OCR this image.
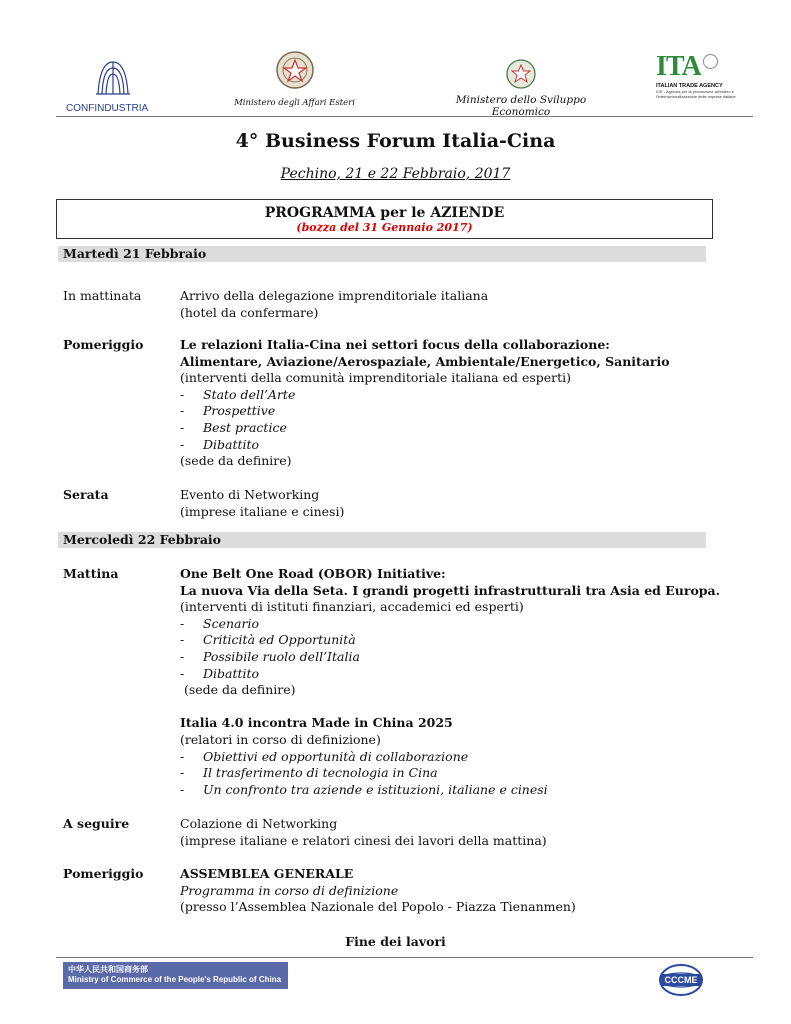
CONFINDUSTRIA	Ministero degli Affari Esteri	Ministero dello Sviluppo Economico
ITA
ITALIAN TRADE AGENCY
ICE - Agenzia per la promozione all'estero e l'internazionalizzazione delle imprese italiane
4° Business Forum Italia-Cina
Pechino, 21 e 22 Febbraio, 2017
PROGRAMMA per le AZIENDE
(bozza del 31 Gennaio 2017)
Martedì 21 Febbraio
In mattinata	Arrivo della delegazione imprenditoriale italiana
(hotel da confermare)
Pomeriggio	Le relazioni Italia-Cina nei settori focus della collaborazione:
Alimentare, Aviazione/Aerospaziale, Ambientale/Energetico, Sanitario
(interventi della comunità imprenditoriale italiana ed esperti)
- Stato dell’Arte
- Prospettive
- Best practice
- Dibattito
(sede da definire)
Serata	Evento di Networking
(imprese italiane e cinesi)
Mercoledì 22 Febbraio
Mattina	One Belt One Road (OBOR) Initiative:
La nuova Via della Seta. I grandi progetti infrastrutturali tra Asia ed Europa.
(interventi di istituti finanziari, accademici ed esperti)
- Scenario
- Criticità ed Opportunità
- Possibile ruolo dell’Italia
- Dibattito
(sede da definire)
Italia 4.0 incontra Made in China 2025
(relatori in corso di definizione)
- Obiettivi ed opportunità di collaborazione
- Il trasferimento di tecnologia in Cina
- Un confronto tra aziende e istituzioni, italiane e cinesi
A seguire	Colazione di Networking
(imprese italiane e relatori cinesi dei lavori della mattina)
Pomeriggio	ASSEMBLEA GENERALE
Programma in corso di definizione
(presso l’Assemblea Nazionale del Popolo - Piazza Tienanmen)
Fine dei lavori
中华人民共和国商务部
Ministry of Commerce of the People's Republic of China	CCCME
